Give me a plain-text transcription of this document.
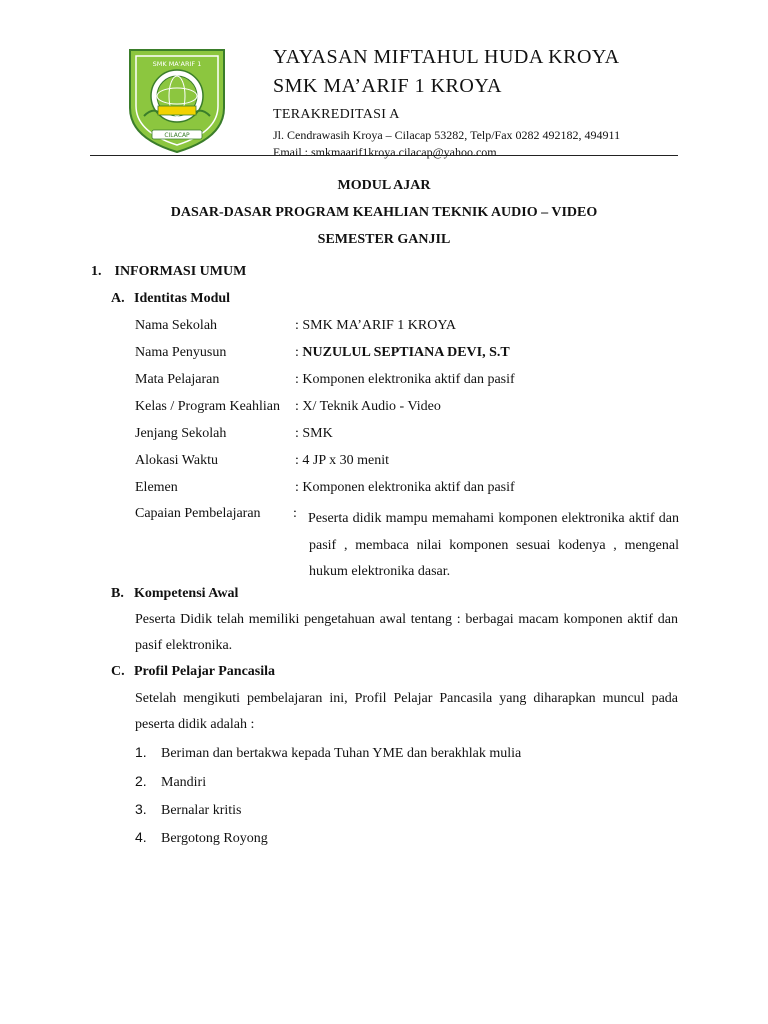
SMK MA'ARIF 1
CILACAP
YAYASAN MIFTAHUL HUDA KROYA
SMK MA’ARIF 1 KROYA
TERAKREDITASI A
Jl. Cendrawasih Kroya – Cilacap 53282, Telp/Fax 0282 492182, 494911
Email : smkmaarif1kroya.cilacap@yahoo.com
MODUL AJAR
DASAR-DASAR PROGRAM KEAHLIAN TEKNIK AUDIO – VIDEO
SEMESTER GANJIL
1. INFORMASI UMUM
A. Identitas Modul
Nama Sekolah	: SMK MA’ARIF 1 KROYA
Nama Penyusun	: NUZULUL SEPTIANA DEVI, S.T
Mata Pelajaran	: Komponen elektronika aktif dan pasif
Kelas / Program Keahlian : X/ Teknik Audio - Video
Jenjang Sekolah	: SMK
Alokasi Waktu	: 4 JP x 30 menit
Elemen	: Komponen elektronika aktif dan pasif
Capaian Pembelajaran : Peserta didik mampu memahami komponen elektronika aktif dan pasif , membaca nilai komponen sesuai kodenya , mengenal hukum elektronika dasar.
B. Kompetensi Awal
Peserta Didik telah memiliki pengetahuan awal tentang : berbagai macam komponen aktif dan pasif elektronika.
C. Profil Pelajar Pancasila
Setelah mengikuti pembelajaran ini, Profil Pelajar Pancasila yang diharapkan muncul pada peserta didik adalah :
1. Beriman dan bertakwa kepada Tuhan YME dan berakhlak mulia
2. Mandiri
3. Bernalar kritis
4. Bergotong Royong
